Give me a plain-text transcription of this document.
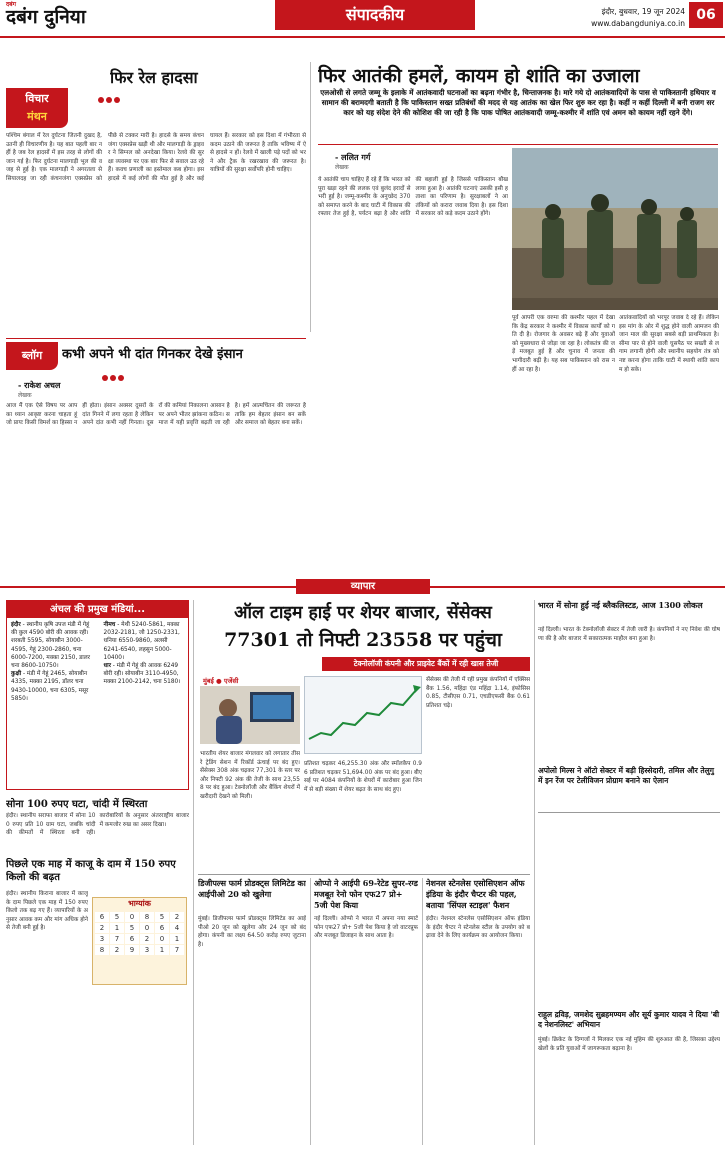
दबंग
दबंग दुनिया	संपादकीय	इंदौर, बुधवार, 19 जून 2024
www.dabangduniya.co.in
06
विचार
मंथन
फिर रेल हादसा
पश्चिम बंगाल में रेल दुर्घटना जितनी दुखद है, उतनी ही विचारणीय है। यह बात पहली बार नहीं है जब रेल हादसों में इस तरह से लोगों की जान गई है। फिर दुर्घटना मालगाड़ी भूल की वजह से हुई है। एक मालगाड़ी ने अगरतला से सियालदह जा रही कंचनजंगा एक्सप्रेस को पीछे से टक्कर मारी है। हादसे के समय कंचनजंगा एक्सप्रेस खड़ी थी और मालगाड़ी के ड्राइवर ने सिग्नल को अनदेखा किया। रेलवे की सुरक्षा व्यवस्था पर एक बार फिर से सवाल उठ रहे हैं। कवच प्रणाली का इस्तेमाल कब होगा। इस हादसे में कई लोगों की मौत हुई है और कई घायल हैं। सरकार को इस दिशा में गंभीरता से कदम उठाने की जरूरत है ताकि भविष्य में ऐसे हादसे न हों। रेलवे में खाली पड़े पदों को भरने और ट्रैक के रखरखाव की जरूरत है। यात्रियों की सुरक्षा सर्वोपरि होनी चाहिए।
फिर आतंकी हमलें, कायम हो शांति का उजाला
एलओसी से लगते जम्मू के इलाके में आतंकवादी घटनाओं का बढ़ना गंभीर है, चिन्ताजनक है। मारे गये दो आतंकवादियों के पास से पाकिस्तानी हथियार व सामान की बरामदगी बताती है कि पाकिस्तान सख्त प्रतिबंधों की मदद से यह आतंक का खेल फिर शुरु कर रहा है। कहीं न कहीं दिल्ली में बनी राजग सरकार को यह संदेश देने की कोशिश की जा रही है कि पाक पोषित आतंकवादी जम्मू-कश्मीर में शांति एवं अमन को कायम नहीं रहने देंगे।
- ललित गर्ग
लेखक
ये आतंकी चाय चाहिए हैं रहे हैं कि भारत को पूरा खड़ा रहने की ललक एवं बुलंद इरादों से भरी हुई है। जम्मू-कश्मीर के अनुच्छेद 370 को समाप्त करने के बाद घाटी में विकास की रफ्तार तेज हुई है, पर्यटन बढ़ा है और शांति की बहाली हुई है जिससे पाकिस्तान बौखलाया हुआ है। आतंकी घटनाएं उसकी इसी हताशा का परिणाम है। सुरक्षाबलों ने आतंकियों को करारा जवाब दिया है। इस दिशा में सरकार को कड़े कदम उठाने होंगे।
पूर्व आपरी एक वरुमा की कश्मीर पहल में देखा कि केंद्र सरकार ने कश्मीर में विकास कार्यों को गति दी है। रोजगार के अवसर बढ़े हैं और युवाओं को मुख्यधारा से जोड़ा जा रहा है। लोकतंत्र की जड़ें मजबूत हुई हैं और चुनाव में जनता की भागीदारी बढ़ी है। यह सब पाकिस्तान को रास नहीं आ रहा है।
आतंकवादियों को भरपूर जवाब दे रहे हैं। लेकिन इस मांग के ओर में शुद्ध होने वाली आमजन की जान माल की सुरक्षा सबसे बड़ी प्राथमिकता है। सीमा पार से होने वाली घुसपैठ पर सख्ती से लगाम लगानी होगी और स्थानीय सहयोग तंत्र को नष्ट करना होगा ताकि घाटी में स्थायी शांति कायम हो सके।
ब्लॉग	कभी अपने भी दांत गिनकर देखे इंसान
- राकेश अचल
लेखक
आज मैं एक ऐसे विषय पर आपका ध्यान आकृष्ट करना चाहता हूं जो प्रायः किसी विमर्श का हिस्सा नहीं होता। इंसान अक्सर दूसरों के दांत गिनने में लगा रहता है लेकिन अपने दांत कभी नहीं गिनता। दूसरों की कमियां निकालना आसान है पर अपने भीतर झांकना कठिन। समाज में यही प्रवृत्ति बढ़ती जा रही है। हमें आत्मचिंतन की जरूरत है ताकि हम बेहतर इंसान बन सकें और समाज को बेहतर बना सकें।
व्यापार
अंचल की प्रमुख मंडियां...
इंदौर - स्थानीय कृषि उपज मंडी में गेहूं की कुल 4590 बोरी की आवक रही। शरबती 5595, सोयाबीन 3000-4595, गेहूं 2300-2860, चना 6000-7200, मक्का 2150, डालर चना 8600-10750।
कुक्षी - मंडी में गेहूं 2465, सोयाबीन 4335, मक्का 2195, डॉलर चना 9430-10000, चना 6305, मसूर 5850।
नीमच - मेथी 5240-5861, मक्का 2032-2181, जौ 1250-2331, धनिया 6550-9860, अलसी 6241-6540, लहसुन 5000-10400।
धार - मंडी में गेहूं की आवक 6249 बोरी रही। सोयाबीन 3110-4950, मक्का 2100-2142, चना 5180।
सोना 100 रुपए घटा, चांदी में स्थिरता
इंदौर। स्थानीय सराफा बाजार में सोना 100 रुपए प्रति 10 ग्राम घटा, जबकि चांदी की कीमतों में स्थिरता बनी रही। कारोबारियों के अनुसार अंतरराष्ट्रीय बाजार में कमजोर रुख का असर दिखा।
पिछले एक माह में काजू के दाम में 150 रुपए किलो की बढ़त
इंदौर। स्थानीय किराना बाजार में काजू के दाम पिछले एक माह में 150 रुपए किलो तक बढ़ गए हैं। व्यापारियों के अनुसार आवक कम और मांग अधिक होने से तेजी बनी हुई है।
भाग्यांक
6	5	0	8	5	2
2	1	5	0	6	4
3	7	6	2	0	1
8	2	9	3	1	7
ऑल टाइम हाई पर शेयर बाजार, सेंसेक्स
77301 तो निफ्टी 23558 पर पहुंचा
टेक्नोलॉजी कंपनी और प्राइवेट बैंकों में रही खास तेजी
मुंबई ● एजेंसी
भारतीय शेयर बाजार मंगलवार को लगातार तीसरे ट्रेडिंग सेशन में रिकॉर्ड ऊंचाई पर बंद हुए। सेंसेक्स 308 अंक चढ़कर 77,301 के स्तर पर और निफ्टी 92 अंक की तेजी के साथ 23,558 पर बंद हुआ। टेक्नोलॉजी और बैंकिंग शेयरों में खरीदारी देखने को मिली।
प्रतिशत चढ़कर 46,255.30 अंक और स्मॉलकैप 0.96 प्रतिशत चढ़कर 51,694.00 अंक पर बंद हुआ। बीएसई पर 4084 कंपनियों के शेयरों में कारोबार हुआ जिनमें से बड़ी संख्या में शेयर बढ़त के साथ बंद हुए।
सेंसेक्स की तेजी में रही प्रमुख कंपनियों में एक्सिस बैंक 1.56, महिंद्रा एंड महिंद्रा 1.14, इंफोसिस 0.85, टीसीएस 0.71, एचडीएफसी बैंक 0.61 प्रतिशत चढ़े।
डिजीपल्स फार्म प्रोडक्ट्स लिमिटेड का आईपीओ 20 को खुलेगा
मुंबई। डिजीपल्स फार्म प्रोडक्ट्स लिमिटेड का आईपीओ 20 जून को खुलेगा और 24 जून को बंद होगा। कंपनी का लक्ष्य 64.50 करोड़ रुपए जुटाना है।
ओप्पो ने आईपी 69-रेटेड सुपर-रग्ड मजबूत रेनो फोन एफ27 प्रो+ 5जी पेश किया
नई दिल्ली। ओप्पो ने भारत में अपना नया स्मार्टफोन एफ27 प्रो+ 5जी पेश किया है जो वाटरप्रूफ और मजबूत डिजाइन के साथ आता है।
नेशनल स्टेनलेस एसोसिएशन ऑफ इंडिया के इंदौर चैप्टर की पहल, बताया 'सिंपल स्टाइल' फैशन
इंदौर। नेशनल स्टेनलेस एसोसिएशन ऑफ इंडिया के इंदौर चैप्टर ने स्टेनलेस स्टील के उपयोग को बढ़ावा देने के लिए कार्यक्रम का आयोजन किया।
भारत में सोना हुई नई ब्लैकलिस्टड, आज 1300 लोकल
नई दिल्ली। भारत के टेक्नोलॉजी सेक्टर में तेजी जारी है। कंपनियों ने नए निवेश की घोषणा की है और बाजार में सकारात्मक माहौल बना हुआ है।
अपोलो मिल्स ने ऑटो सेक्टर में बड़ी हिस्सेदारी, तमिल और तेलुगु में इन रेंज पर टेलीविजन प्रोग्राम बनाने का ऐलान
राहुल द्रविड़, जमशेद सुब्रहमण्यम और सूर्य कुमार यादव ने दिया 'बी द नेशनलिस्ट' अभियान
मुंबई। क्रिकेट के दिग्गजों ने मिलकर एक नई मुहिम की शुरुआत की है, जिसका उद्देश्य खेलों के प्रति युवाओं में जागरूकता बढ़ाना है।
